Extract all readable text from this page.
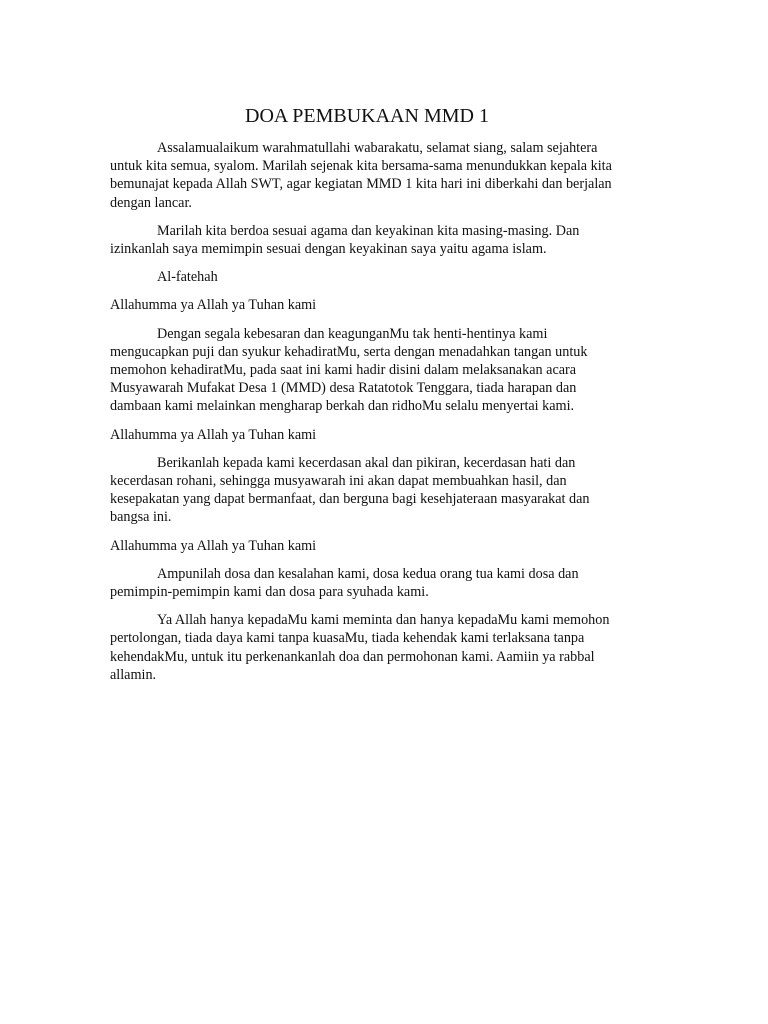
DOA PEMBUKAAN MMD 1

Assalamualaikum warahmatullahi wabarakatu, selamat siang, salam sejahtera untuk kita semua, syalom. Marilah sejenak kita bersama-sama menundukkan kepala kita bemunajat kepada Allah SWT, agar kegiatan MMD 1 kita hari ini diberkahi dan berjalan dengan lancar.

Marilah kita berdoa sesuai agama dan keyakinan kita masing-masing. Dan izinkanlah saya memimpin sesuai dengan keyakinan saya yaitu agama islam.

Al-fatehah

Allahumma ya Allah ya Tuhan kami

Dengan segala kebesaran dan keagunganMu tak henti-hentinya kami mengucapkan puji dan syukur kehadiratMu, serta dengan menadahkan tangan untuk memohon kehadiratMu, pada saat ini kami hadir disini dalam melaksanakan acara Musyawarah Mufakat Desa 1 (MMD) desa Ratatotok Tenggara, tiada harapan dan dambaan kami melainkan mengharap berkah dan ridhoMu selalu menyertai kami.

Allahumma ya Allah ya Tuhan kami

Berikanlah kepada kami kecerdasan akal dan pikiran, kecerdasan hati dan kecerdasan rohani, sehingga musyawarah ini akan dapat membuahkan hasil, dan kesepakatan yang dapat bermanfaat, dan berguna bagi kesehjateraan masyarakat dan bangsa ini.

Allahumma ya Allah ya Tuhan kami

Ampunilah dosa dan kesalahan kami, dosa kedua orang tua kami dosa dan pemimpin-pemimpin kami dan dosa para syuhada kami.

Ya Allah hanya kepadaMu kami meminta dan hanya kepadaMu kami memohon pertolongan, tiada daya kami tanpa kuasaMu, tiada kehendak kami terlaksana tanpa kehendakMu, untuk itu perkenankanlah doa dan permohonan kami. Aamiin ya rabbal allamin.
